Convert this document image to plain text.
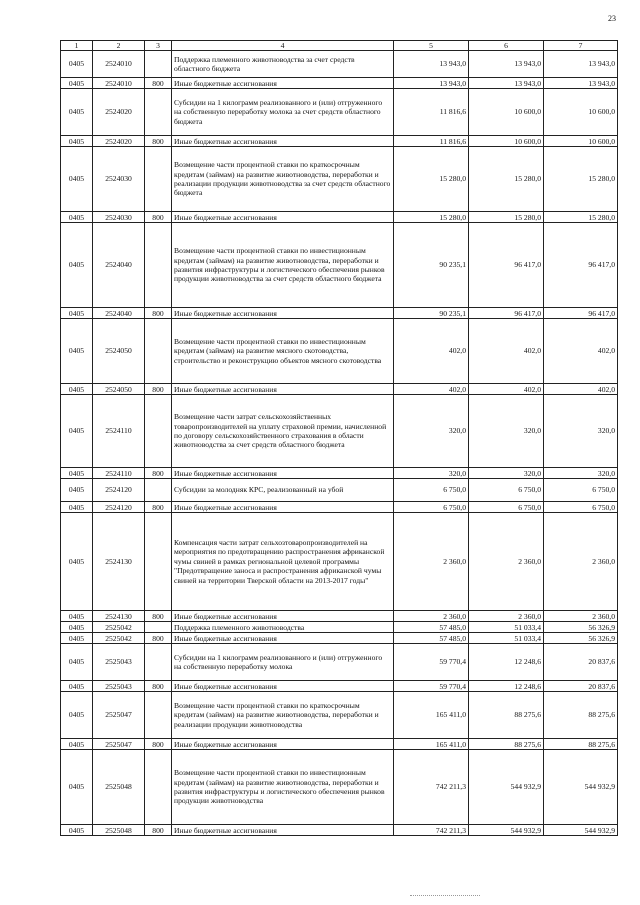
23
1	2	3	4	5	6	7
0405	2524010		Поддержка племенного животноводства за счет средств областного бюджета	13 943,0	13 943,0	13 943,0
0405	2524010	800	Иные бюджетные ассигнования	13 943,0	13 943,0	13 943,0
0405	2524020		Субсидии на 1 килограмм реализованного и (или) отгруженного на собственную переработку молока за счет средств областного бюджета	11 816,6	10 600,0	10 600,0
0405	2524020	800	Иные бюджетные ассигнования	11 816,6	10 600,0	10 600,0
0405	2524030		Возмещение части процентной ставки по краткосрочным кредитам (займам) на развитие животноводства, переработки и реализации продукции животноводства за счет средств областного бюджета	15 280,0	15 280,0	15 280,0
0405	2524030	800	Иные бюджетные ассигнования	15 280,0	15 280,0	15 280,0
0405	2524040		Возмещение части процентной ставки по инвестиционным кредитам (займам) на развитие животноводства, переработки и развития инфраструктуры и логистического обеспечения рынков продукции животноводства за счет средств областного бюджета	90 235,1	96 417,0	96 417,0
0405	2524040	800	Иные бюджетные ассигнования	90 235,1	96 417,0	96 417,0
0405	2524050		Возмещение части процентной ставки по инвестиционным кредитам (займам) на развитие мясного скотоводства, строительство и реконструкцию объектов мясного скотоводства	402,0	402,0	402,0
0405	2524050	800	Иные бюджетные ассигнования	402,0	402,0	402,0
0405	2524110		Возмещение части затрат сельскохозяйственных товаропроизводителей на уплату страховой премии, начисленной по договору сельскохозяйственного страхования в области животноводства за счет средств областного бюджета	320,0	320,0	320,0
0405	2524110	800	Иные бюджетные ассигнования	320,0	320,0	320,0
0405	2524120		Субсидии за молодняк КРС, реализованный на убой	6 750,0	6 750,0	6 750,0
0405	2524120	800	Иные бюджетные ассигнования	6 750,0	6 750,0	6 750,0
0405	2524130		Компенсация части затрат сельхозтоваропроизводителей на мероприятия по предотвращению распространения африканской чумы свиней в рамках региональной целевой программы "Предотвращение заноса и распространения африканской чумы свиней на территории Тверской области на 2013-2017 годы"	2 360,0	2 360,0	2 360,0
0405	2524130	800	Иные бюджетные ассигнования	2 360,0	2 360,0	2 360,0
0405	2525042		Поддержка племенного животноводства	57 485,0	51 033,4	56 326,9
0405	2525042	800	Иные бюджетные ассигнования	57 485,0	51 033,4	56 326,9
0405	2525043		Субсидии на 1 килограмм реализованного и (или) отгруженного на собственную переработку молока	59 770,4	12 248,6	20 837,6
0405	2525043	800	Иные бюджетные ассигнования	59 770,4	12 248,6	20 837,6
0405	2525047		Возмещение части процентной ставки по краткосрочным кредитам (займам) на развитие животноводства, переработки и реализации продукции животноводства	165 411,0	88 275,6	88 275,6
0405	2525047	800	Иные бюджетные ассигнования	165 411,0	88 275,6	88 275,6
0405	2525048		Возмещение части процентной ставки по инвестиционным кредитам (займам) на развитие животноводства, переработки и развития инфраструктуры и логистического обеспечения рынков продукции животноводства	742 211,3	544 932,9	544 932,9
0405	2525048	800	Иные бюджетные ассигнования	742 211,3	544 932,9	544 932,9
